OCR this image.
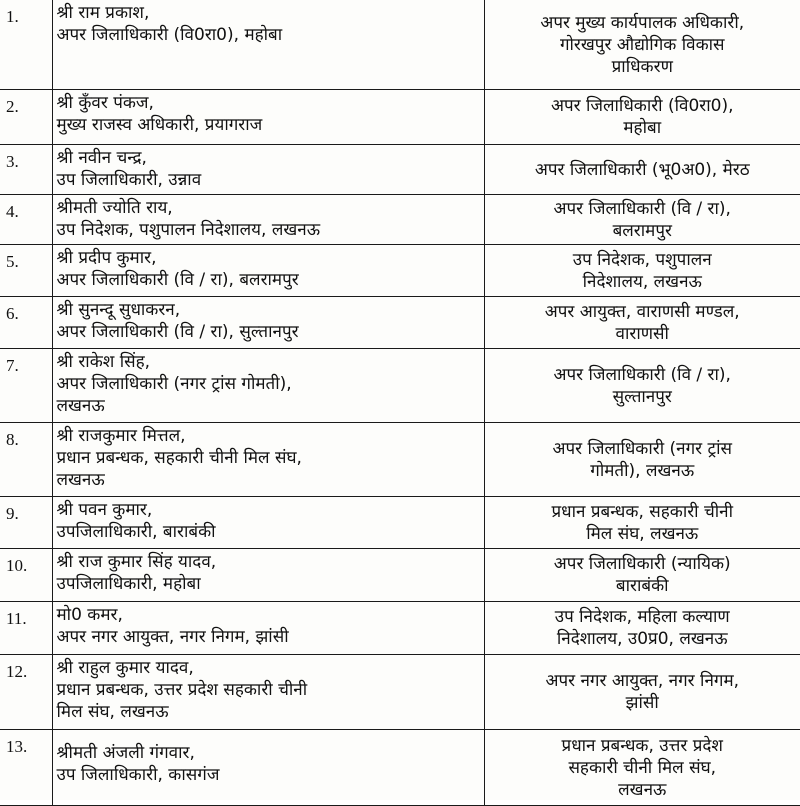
1.	श्री राम प्रकाश,
अपर जिलाधिकारी (वि0रा0), महोबा	अपर मुख्य कार्यपालक अधिकारी,
गोरखपुर औद्योगिक विकास
प्राधिकरण
2.	श्री कुँवर पंकज,
मुख्य राजस्व अधिकारी, प्रयागराज	अपर जिलाधिकारी (वि0रा0),
महोबा
3.	श्री नवीन चन्द्र,
उप जिलाधिकारी, उन्नाव	अपर जिलाधिकारी (भू0अ0), मेरठ
4.	श्रीमती ज्योति राय,
उप निदेशक, पशुपालन निदेशालय, लखनऊ	अपर जिलाधिकारी (वि / रा),
बलरामपुर
5.	श्री प्रदीप कुमार,
अपर जिलाधिकारी (वि / रा), बलरामपुर	उप निदेशक, पशुपालन
निदेशालय, लखनऊ
6.	श्री सुनन्दू सुधाकरन,
अपर जिलाधिकारी (वि / रा), सुल्तानपुर	अपर आयुक्त, वाराणसी मण्डल,
वाराणसी
7.	श्री राकेश सिंह,
अपर जिलाधिकारी (नगर ट्रांस गोमती),
लखनऊ	अपर जिलाधिकारी (वि / रा),
सुल्तानपुर
8.	श्री राजकुमार मित्तल,
प्रधान प्रबन्धक, सहकारी चीनी मिल संघ,
लखनऊ	अपर जिलाधिकारी (नगर ट्रांस
गोमती), लखनऊ
9.	श्री पवन कुमार,
उपजिलाधिकारी, बाराबंकी	प्रधान प्रबन्धक, सहकारी चीनी
मिल संघ, लखनऊ
10.	श्री राज कुमार सिंह यादव,
उपजिलाधिकारी, महोबा	अपर जिलाधिकारी (न्यायिक)
बाराबंकी
11.	मो0 कमर,
अपर नगर आयुक्त, नगर निगम, झांसी	उप निदेशक, महिला कल्याण
निदेशालय, उ0प्र0, लखनऊ
12.	श्री राहुल कुमार यादव,
प्रधान प्रबन्धक, उत्तर प्रदेश सहकारी चीनी
मिल संघ, लखनऊ	अपर नगर आयुक्त, नगर निगम,
झांसी
13.	श्रीमती अंजली गंगवार,
उप जिलाधिकारी, कासगंज	प्रधान प्रबन्धक, उत्तर प्रदेश
सहकारी चीनी मिल संघ,
लखनऊ
